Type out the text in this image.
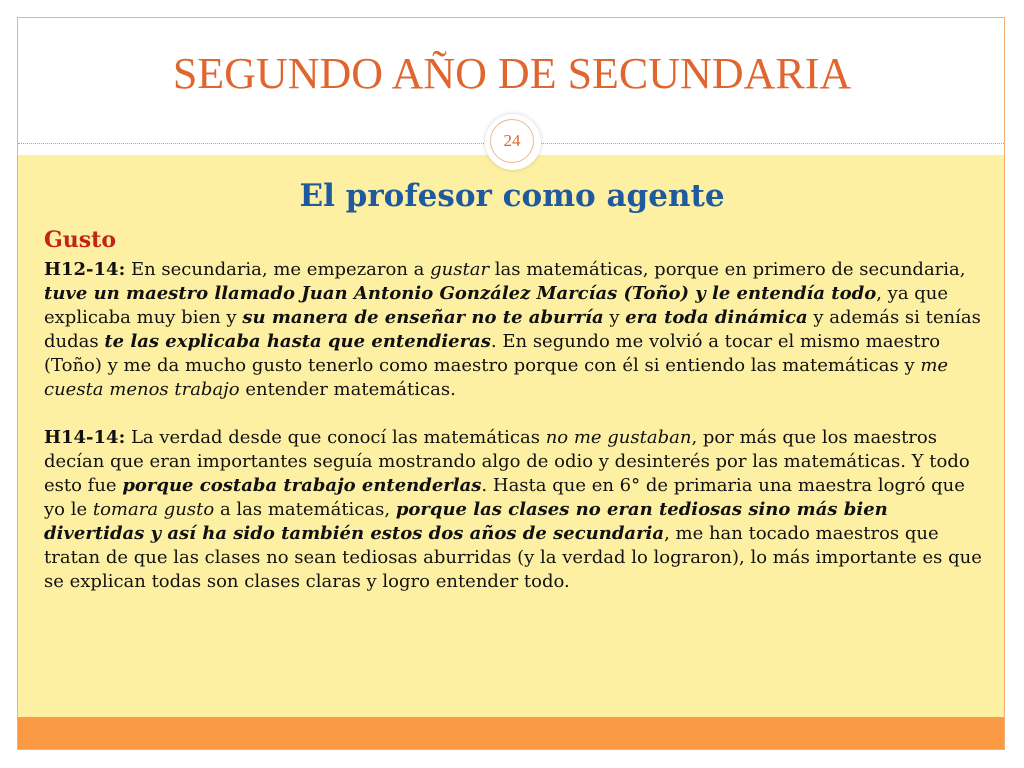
SEGUNDO AÑO DE SECUNDARIA
24
El profesor como agente
Gusto

H12-14: En secundaria, me empezaron a gustar las matemáticas, porque en primero de secundaria, tuve un maestro llamado Juan Antonio González Marcías (Toño) y le entendía todo, ya que explicaba muy bien y su manera de enseñar no te aburría y era toda dinámica y además si tenías dudas te las explicaba hasta que entendieras. En segundo me volvió a tocar el mismo maestro (Toño) y me da mucho gusto tenerlo como maestro porque con él si entiendo las matemáticas y me cuesta menos trabajo entender matemáticas.

H14-14: La verdad desde que conocí las matemáticas no me gustaban, por más que los maestros decían que eran importantes seguía mostrando algo de odio y desinterés por las matemáticas. Y todo esto fue porque costaba trabajo entenderlas. Hasta que en 6° de primaria una maestra logró que yo le tomara gusto a las matemáticas, porque las clases no eran tediosas sino más bien divertidas y así ha sido también estos dos años de secundaria, me han tocado maestros que tratan de que las clases no sean tediosas aburridas (y la verdad lo lograron), lo más importante es que se explican todas son clases claras y logro entender todo.
